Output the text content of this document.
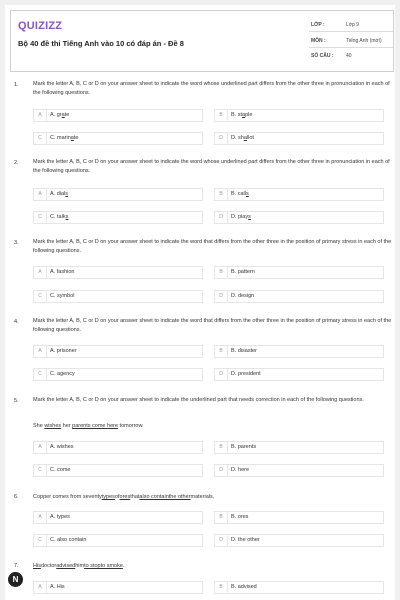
QUIZIZZ
Bộ 40 đề thi Tiếng Anh vào 10 có đáp án - Đề 8
LỚP :	Lớp 9
MÔN :	Tiếng Anh (mới)
SỐ CÂU :	40
1.	Mark the letter A, B, C or D on your answer sheet to indicate the word whose underlined part differs from the other three in pronunciation in each of the following questions.
A	A. grate	B	B. staple
C	C. marinate	D	D. shallot
2.	Mark the letter A, B, C or D on your answer sheet to indicate the word whose underlined part differs from the other three in pronunciation in each of the following questions.
A	A. dials	B	B. calls
C	C. talks	D	D. plays
3.	Mark the letter A, B, C or D on your answer sheet to indicate the word that differs from the other three in the position of primary stress in each of the following questions.
A	A. fashion	B	B. pattern
C	C. symbol	D	D. design
4.	Mark the letter A, B, C or D on your answer sheet to indicate the word that differs from the other three in the position of primary stress in each of the following questions.
A	A. prisoner	B	B. disaster
C	C. agency	D	D. president
5.	Mark the letter A, B, C or D on your answer sheet to indicate the underlined part that needs correction in each of the following questions.
She wishes her parents come here tomorrow.
A	A. wishes	B	B. parents
C	C. come	D	D. here
6.	Copper comes from seventytypesoforesthatalso containthe othermaterials.
A	A. types	B	B. ores
C	C. also contain	D	D. the other
7.	Hisdoctoradvisedhimto stopto smoke.
A	A. His	B	B. advised
N
